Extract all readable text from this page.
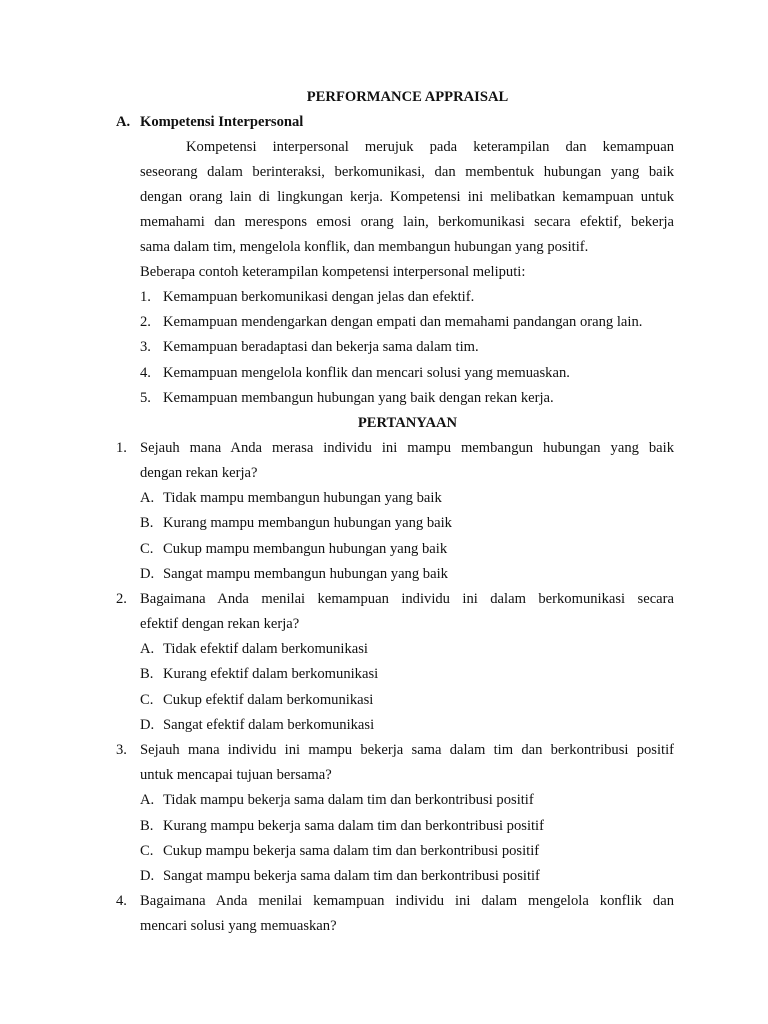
PERFORMANCE APPRAISAL
A. Kompetensi Interpersonal
Kompetensi interpersonal merujuk pada keterampilan dan kemampuan
seseorang dalam berinteraksi, berkomunikasi, dan membentuk hubungan yang baik
dengan orang lain di lingkungan kerja. Kompetensi ini melibatkan kemampuan untuk
memahami dan merespons emosi orang lain, berkomunikasi secara efektif, bekerja
sama dalam tim, mengelola konflik, dan membangun hubungan yang positif.
Beberapa contoh keterampilan kompetensi interpersonal meliputi:
1. Kemampuan berkomunikasi dengan jelas dan efektif.
2. Kemampuan mendengarkan dengan empati dan memahami pandangan orang lain.
3. Kemampuan beradaptasi dan bekerja sama dalam tim.
4. Kemampuan mengelola konflik dan mencari solusi yang memuaskan.
5. Kemampuan membangun hubungan yang baik dengan rekan kerja.
PERTANYAAN
1. Sejauh mana Anda merasa individu ini mampu membangun hubungan yang baik
dengan rekan kerja?
A. Tidak mampu membangun hubungan yang baik
B. Kurang mampu membangun hubungan yang baik
C. Cukup mampu membangun hubungan yang baik
D. Sangat mampu membangun hubungan yang baik
2. Bagaimana Anda menilai kemampuan individu ini dalam berkomunikasi secara
efektif dengan rekan kerja?
A. Tidak efektif dalam berkomunikasi
B. Kurang efektif dalam berkomunikasi
C. Cukup efektif dalam berkomunikasi
D. Sangat efektif dalam berkomunikasi
3. Sejauh mana individu ini mampu bekerja sama dalam tim dan berkontribusi positif
untuk mencapai tujuan bersama?
A. Tidak mampu bekerja sama dalam tim dan berkontribusi positif
B. Kurang mampu bekerja sama dalam tim dan berkontribusi positif
C. Cukup mampu bekerja sama dalam tim dan berkontribusi positif
D. Sangat mampu bekerja sama dalam tim dan berkontribusi positif
4. Bagaimana Anda menilai kemampuan individu ini dalam mengelola konflik dan
mencari solusi yang memuaskan?
